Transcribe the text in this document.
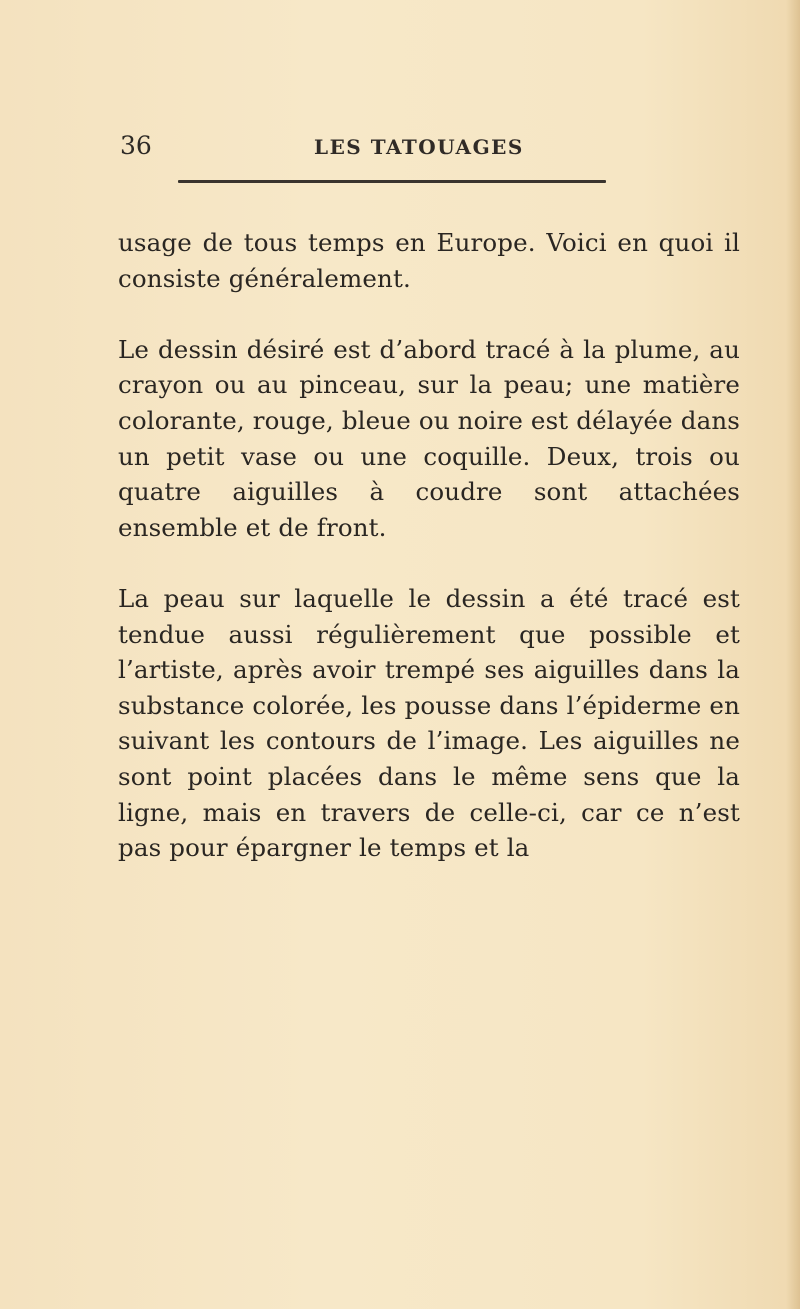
36	LES TATOUAGES

usage de tous temps en Europe. Voici en quoi il consiste généralement.

Le dessin désiré est d’abord tracé à la plume, au crayon ou au pinceau, sur la peau; une matière colorante, rouge, bleue ou noire est délayée dans un petit vase ou une coquille. Deux, trois ou quatre aiguilles à coudre sont attachées ensemble et de front.

La peau sur laquelle le dessin a été tracé est tendue aussi régulièrement que possible et l’artiste, après avoir trempé ses aiguilles dans la substance colorée, les pousse dans l’épiderme en suivant les contours de l’image. Les aiguilles ne sont point placées dans le même sens que la ligne, mais en travers de celle-ci, car ce n’est pas pour épargner le temps et la
